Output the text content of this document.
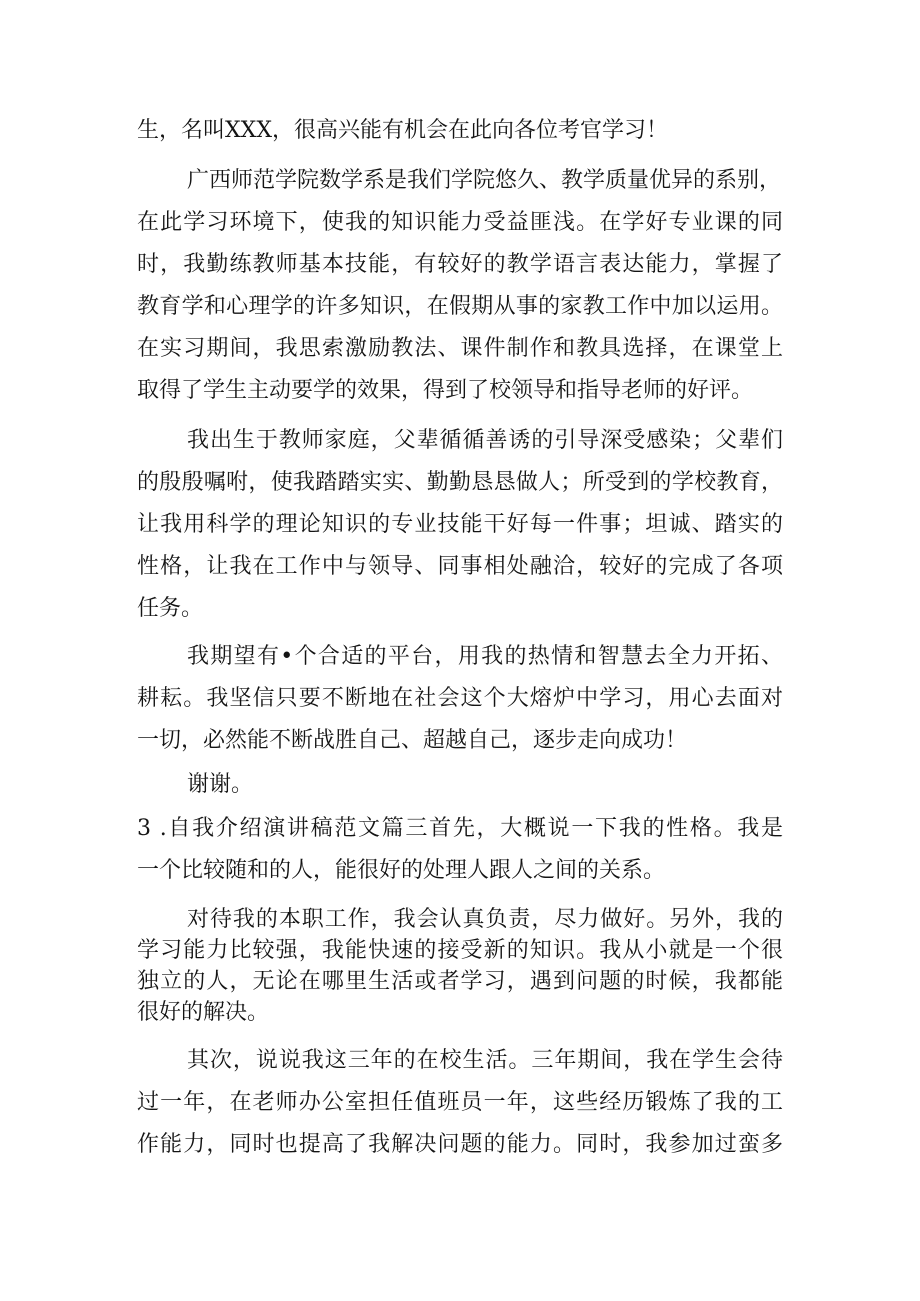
生，名叫XXX，很高兴能有机会在此向各位考官学习！
广西师范学院数学系是我们学院悠久、教学质量优异的系别，
在此学习环境下，使我的知识能力受益匪浅。在学好专业课的同
时，我勤练教师基本技能，有较好的教学语言表达能力，掌握了
教育学和心理学的许多知识，在假期从事的家教工作中加以运用。
在实习期间，我思索激励教法、课件制作和教具选择，在课堂上
取得了学生主动要学的效果，得到了校领导和指导老师的好评。
我出生于教师家庭，父辈循循善诱的引导深受感染；父辈们
的殷殷嘱咐，使我踏踏实实、勤勤恳恳做人；所受到的学校教育，
让我用科学的理论知识的专业技能干好每一件事；坦诚、踏实的
性格，让我在工作中与领导、同事相处融洽，较好的完成了各项
任务。
我期望有•个合适的平台，用我的热情和智慧去全力开拓、
耕耘。我坚信只要不断地在社会这个大熔炉中学习，用心去面对
一切，必然能不断战胜自己、超越自己，逐步走向成功！
谢谢。
3 .自我介绍演讲稿范文篇三首先，大概说一下我的性格。我是
一个比较随和的人，能很好的处理人跟人之间的关系。
对待我的本职工作，我会认真负责，尽力做好。另外，我的
学习能力比较强，我能快速的接受新的知识。我从小就是一个很
独立的人，无论在哪里生活或者学习，遇到问题的时候，我都能
很好的解决。
其次，说说我这三年的在校生活。三年期间，我在学生会待
过一年，在老师办公室担任值班员一年，这些经历锻炼了我的工
作能力，同时也提高了我解决问题的能力。同时，我参加过蛮多
